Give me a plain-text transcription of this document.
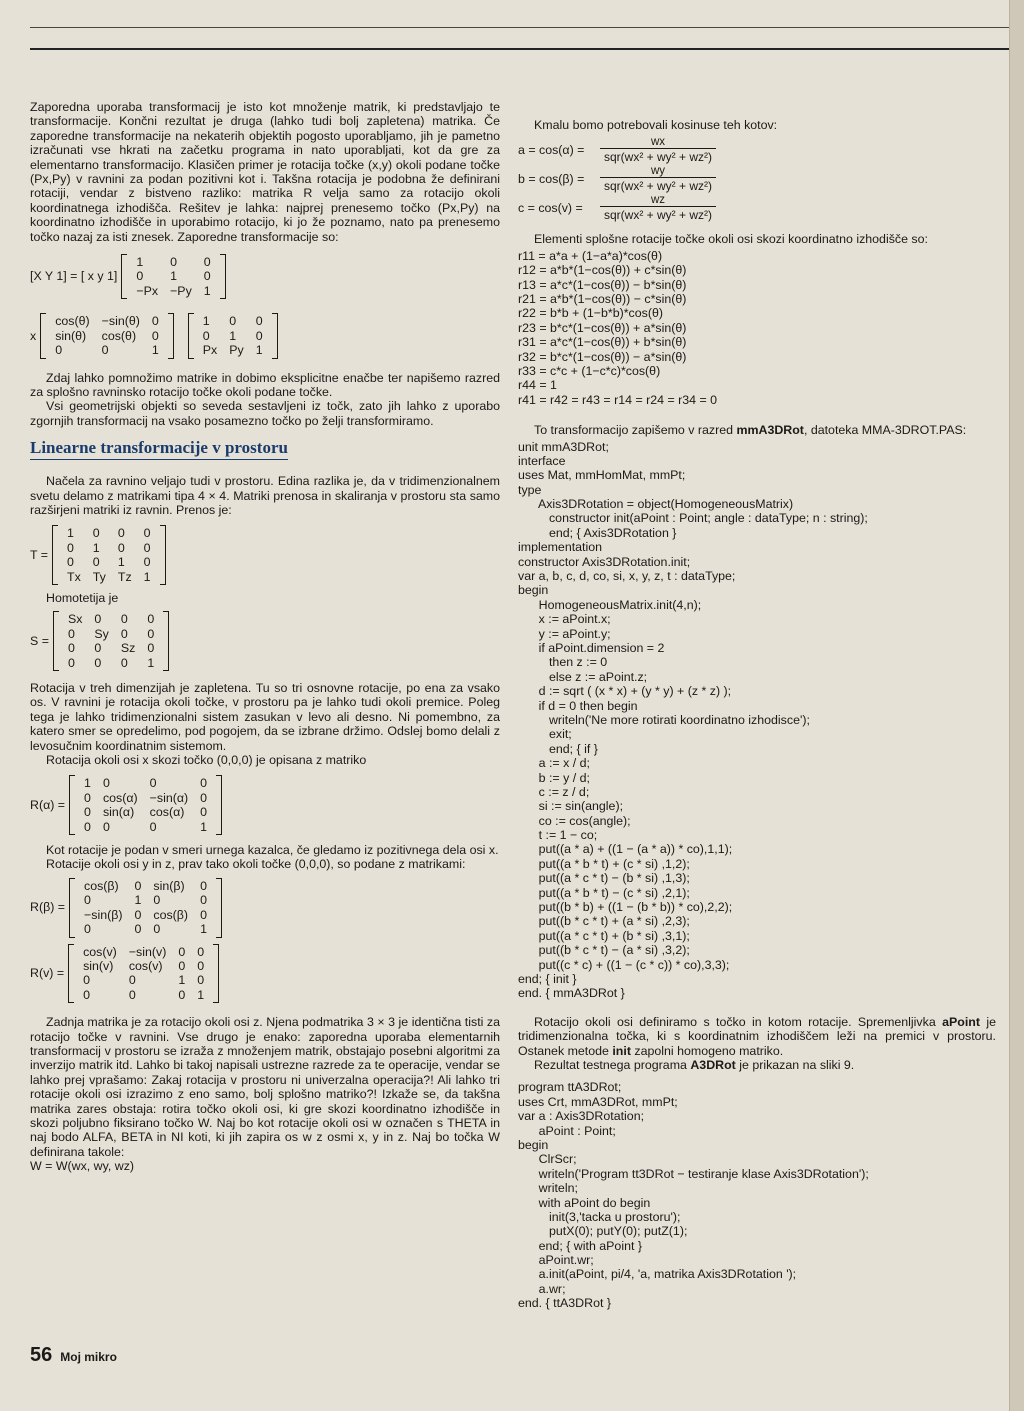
Zaporedna uporaba transformacij je isto kot množenje matrik, ki predstavljajo te transformacije. Končni rezultat je druga (lahko tudi bolj zapletena) matrika. Če zaporedne transformacije na nekaterih objektih pogosto uporabljamo, jih je pametno izračunati vse hkrati na začetku programa in nato uporabljati, kot da gre za elementarno transformacijo. Klasičen primer je rotacija točke (x,y) okoli podane točke (Px,Py) v ravnini za podan pozitivni kot i. Takšna rotacija je podobna že definirani rotaciji, vendar z bistveno razliko: matrika R velja samo za rotacijo okoli koordinatnega izhodišča. Rešitev je lahka: najprej prenesemo točko (Px,Py) na koordinatno izhodišče in uporabimo rotacijo, ki jo že poznamo, nato pa prenesemo točko nazaj za isti znesek. Zaporedne transformacije so:

[X Y 1] = [ x y 1]
1	0	0
0	1	0
−Px	−Py	1
x
cos(θ)	−sin(θ)	0
sin(θ)	cos(θ)	0
0	0	1
1	0	0
0	1	0
Px	Py	1

Zdaj lahko pomnožimo matrike in dobimo eksplicitne enačbe ter napišemo razred za splošno ravninsko rotacijo točke okoli podane točke.

Vsi geometrijski objekti so seveda sestavljeni iz točk, zato jih lahko z uporabo zgornjih transformacij na vsako posamezno točko po želji transformiramo.

Linearne transformacije v prostoru

Načela za ravnino veljajo tudi v prostoru. Edina razlika je, da v tridimenzionalnem svetu delamo z matrikami tipa 4 × 4. Matriki prenosa in skaliranja v prostoru sta samo razširjeni matriki iz ravnin. Prenos je:

T =
1	0	0	0
0	1	0	0
0	0	1	0
Tx	Ty	Tz	1

Homotetija je

S =
Sx	0	0	0
0	Sy	0	0
0	0	Sz	0
0	0	0	1

Rotacija v treh dimenzijah je zapletena. Tu so tri osnovne rotacije, po ena za vsako os. V ravnini je rotacija okoli točke, v prostoru pa je lahko tudi okoli premice. Poleg tega je lahko tridimenzionalni sistem zasukan v levo ali desno. Ni pomembno, za katero smer se opredelimo, pod pogojem, da se izbrane držimo. Odslej bomo delali z levosučnim koordinatnim sistemom.

Rotacija okoli osi x skozi točko (0,0,0) je opisana z matriko

R(α) =
1	0	0	0
0	cos(α)	−sin(α)	0
0	sin(α)	cos(α)	0
0	0	0	1

Kot rotacije je podan v smeri urnega kazalca, če gledamo iz pozitivnega dela osi x.

Rotacije okoli osi y in z, prav tako okoli točke (0,0,0), so podane z matrikami:

R(β) =
cos(β)	0	sin(β)	0
0	1	0	0
−sin(β)	0	cos(β)	0
0	0	0	1
R(v) =
cos(v)	−sin(v)	0	0
sin(v)	cos(v)	0	0
0	0	1	0
0	0	0	1

Zadnja matrika je za rotacijo okoli osi z. Njena podmatrika 3 × 3 je identična tisti za rotacijo točke v ravnini. Vse drugo je enako: zaporedna uporaba elementarnih transformacij v prostoru se izraža z množenjem matrik, obstajajo posebni algoritmi za inverzijo matrik itd. Lahko bi takoj napisali ustrezne razrede za te operacije, vendar se lahko prej vprašamo: Zakaj rotacija v prostoru ni univerzalna operacija?! Ali lahko tri rotacije okoli osi izrazimo z eno samo, bolj splošno matriko?! Izkaže se, da takšna matrika zares obstaja: rotira točko okoli osi, ki gre skozi koordinatno izhodišče in skozi poljubno fiksirano točko W. Naj bo kot rotacije okoli osi w označen s THETA in naj bodo ALFA, BETA in NI koti, ki jih zapira os w z osmi x, y in z. Naj bo točka W definirana takole:

W = W(wx, wy, wz)

Kmalu bomo potrebovali kosinuse teh kotov:

a = cos(α) =	$\frac{wx}{\text{sqr(wx² + wy² + wz²)}}$
b = cos(β) =	$\frac{wy}{\text{sqr(wx² + wy² + wz²)}}$
c = cos(v) =	$\frac{wz}{\text{sqr(wx² + wy² + wz²)}}$

Elementi splošne rotacije točke okoli osi skozi koordinatno izhodišče so:

r11 = a*a + (1−a*a)*cos(θ)
r12 = a*b*(1−cos(θ)) + c*sin(θ)
r13 = a*c*(1−cos(θ)) − b*sin(θ)
r21 = a*b*(1−cos(θ)) − c*sin(θ)
r22 = b*b + (1−b*b)*cos(θ)
r23 = b*c*(1−cos(θ)) + a*sin(θ)
r31 = a*c*(1−cos(θ)) + b*sin(θ)
r32 = b*c*(1−cos(θ)) − a*sin(θ)
r33 = c*c + (1−c*c)*cos(θ)
r44 = 1
r41 = r42 = r43 = r14 = r24 = r34 = 0

To transformacijo zapišemo v razred mmA3DRot, datoteka MMA-3DROT.PAS:

unit mmA3DRot;
interface
uses Mat, mmHomMat, mmPt;
type
Axis3DRotation = object(HomogeneousMatrix)
constructor init(aPoint : Point; angle : dataType; n : string);
end; { Axis3DRotation }
implementation
constructor Axis3DRotation.init;
var a, b, c, d, co, si, x, y, z, t : dataType;
begin
HomogeneousMatrix.init(4,n);
x := aPoint.x;
y := aPoint.y;
if aPoint.dimension = 2
then z := 0
else z := aPoint.z;
d := sqrt ( (x * x) + (y * y) + (z * z) );
if d = 0 then begin
writeln('Ne more rotirati koordinatno izhodisce');
exit;
end; { if }
a := x / d;
b := y / d;
c := z / d;
si := sin(angle);
co := cos(angle);
t := 1 − co;
put((a * a) + ((1 − (a * a)) * co),1,1);
put((a * b * t) + (c * si) ,1,2);
put((a * c * t) − (b * si) ,1,3);
put((a * b * t) − (c * si) ,2,1);
put((b * b) + ((1 − (b * b)) * co),2,2);
put((b * c * t) + (a * si) ,2,3);
put((a * c * t) + (b * si) ,3,1);
put((b * c * t) − (a * si) ,3,2);
put((c * c) + ((1 − (c * c)) * co),3,3);
end; { init }
end. { mmA3DRot }

Rotacijo okoli osi definiramo s točko in kotom rotacije. Spremenljivka aPoint je tridimenzionalna točka, ki s koordinatnim izhodiščem leži na premici v prostoru. Ostanek metode init zapolni homogeno matriko.

Rezultat testnega programa A3DRot je prikazan na sliki 9.

program ttA3DRot;
uses Crt, mmA3DRot, mmPt;
var a : Axis3DRotation;
aPoint : Point;
begin
ClrScr;
writeln('Program tt3DRot − testiranje klase Axis3DRotation');
writeln;
with aPoint do begin
init(3,'tacka u prostoru');
putX(0); putY(0); putZ(1);
end; { with aPoint }
aPoint.wr;
a.init(aPoint, pi/4, 'a, matrika Axis3DRotation ');
a.wr;
end. { ttA3DRot }
56 Moj mikro
